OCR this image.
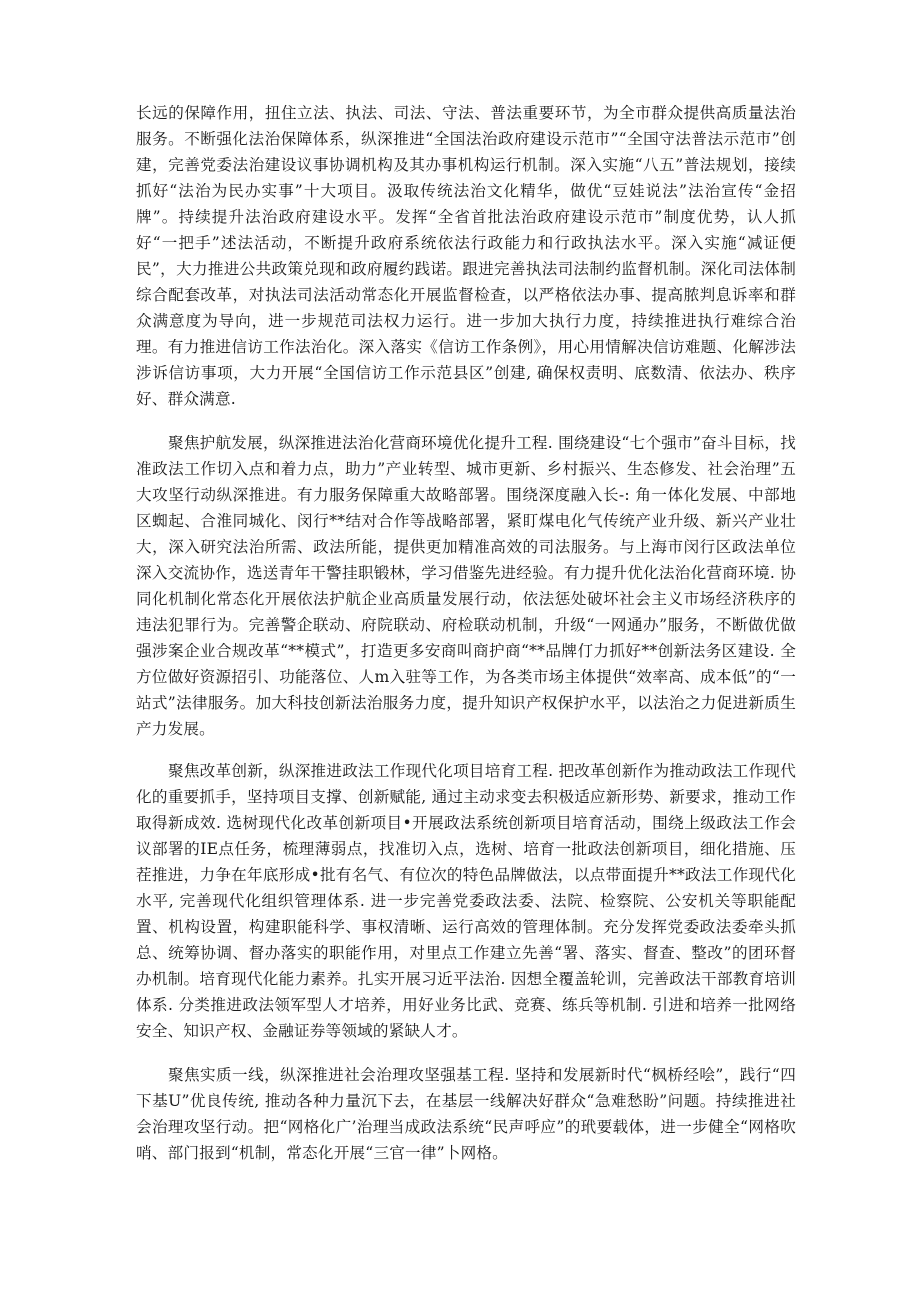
长远的保障作用，扭住立法、执法、司法、守法、普法重要环节，为全市群众提供高质量法治服务。不断强化法治保障体系，纵深推进“全国法治政府建设示范市”“全国守法普法示范市”创建，完善党委法治建设议事协调机构及其办事机构运行机制。深入实施“八五”普法规划，接续抓好“法治为民办实事”十大项目。汲取传统法治文化精华，做优“豆娃说法”法治宣传“金招牌”。持续提升法治政府建设水平。发挥“全省首批法治政府建设示范市”制度优势，认人抓好“一把手”述法活动，不断提升政府系统依法行政能力和行政执法水平。深入实施“减证便民”，大力推进公共政策兑现和政府履约践诺。跟进完善执法司法制约监督机制。深化司法体制综合配套改革，对执法司法活动常态化开展监督检查，以严格依法办事、提高脓判息诉率和群众满意度为导向，进一步规范司法权力运行。进一步加大执行力度，持续推进执行难综合治理。有力推进信访工作法治化。深入落实《信访工作条例》，用心用情解决信访难题、化解涉法涉诉信访事项，大力开展“全国信访工作示范县区”创建, 确保权责明、底数清、依法办、秩序好、群众满意.

聚焦护航发展，纵深推进法治化营商环境优化提升工程. 围绕建设“七个强市”奋斗目标，找准政法工作切入点和着力点，助力”产业转型、城市更新、乡村振兴、生态修发、社会治理”五大攻坚行动纵深推进。有力服务保障重大故略部署。围绕深度融入长-: 角一体化发展、中部地区蜘起、合淮同城化、闵行**结对合作等战略部署，紧盯煤电化气传统产业升级、新兴产业壮大，深入研究法治所需、政法所能，提供更加精准高效的司法服务。与上海市闵行区政法单位深入交流协作，选送青年干警挂职锻林，学习借鉴先进经验。有力提升优化法治化营商环境. 协同化机制化常态化开展依法护航企业高质量发展行动，依法惩处破坏社会主义市场经济秩序的违法犯罪行为。完善警企联动、府院联动、府检联动机制，升级“一网通办”服务，不断做优做强涉案企业合规改革“**模式”，打造更多安商叫商护商“**品牌仃力抓好**创新法务区建设. 全方位做好资源招引、功能落位、人m入驻等工作，为各类市场主体提供“效率高、成本低”的“一站式”法律服务。加大科技创新法治服务力度，提升知识产权保护水平，以法治之力促进新质生产力发展。

聚焦改革创新，纵深推进政法工作现代化项目培育工程. 把改革创新作为推动政法工作现代化的重要抓手，坚持项目支撑、创新赋能, 通过主动求变去积极适应新形势、新要求，推动工作取得新成效. 选树现代化改革创新项目•开展政法系统创新项目培育活动，围绕上级政法工作会议部署的IE点任务，梳理薄弱点，找准切入点，选树、培育一批政法创新项目，细化措施、压茬推进，力争在年底形成•批有名气、有位次的特色品牌做法，以点带面提升**政法工作现代化水平, 完善现代化组织管理体系. 进一步完善党委政法委、法院、检察院、公安机关等职能配置、机构设置，构建职能科学、事权清晰、运行高效的管理体制。充分发挥党委政法委牵头抓总、统筹协调、督办落实的职能作用，对里点工作建立先善“署、落实、督查、整改”的团环督办机制。培育现代化能力素养。扎实开展习近平法治. 因想全覆盖轮训，完善政法干部教育培训体系. 分类推进政法领军型人才培养，用好业务比武、竞赛、练兵等机制. 引进和培养一批网络安全、知识产权、金融证券等领域的紧缺人才。

聚焦实质一线，纵深推进社会治理攻坚强基工程. 坚持和发展新时代“枫桥经哙”，践行“四下基U”优良传统, 推动各种力量沉下去，在基层一线解决好群众“急难愁盼”问题。持续推进社会治理攻坚行动。把“网格化广’治理当成政法系统“民声呼应”的玳要载体，进一步健全“网格吹哨、部门报到“机制，常态化开展“三官一律”卜网格。
